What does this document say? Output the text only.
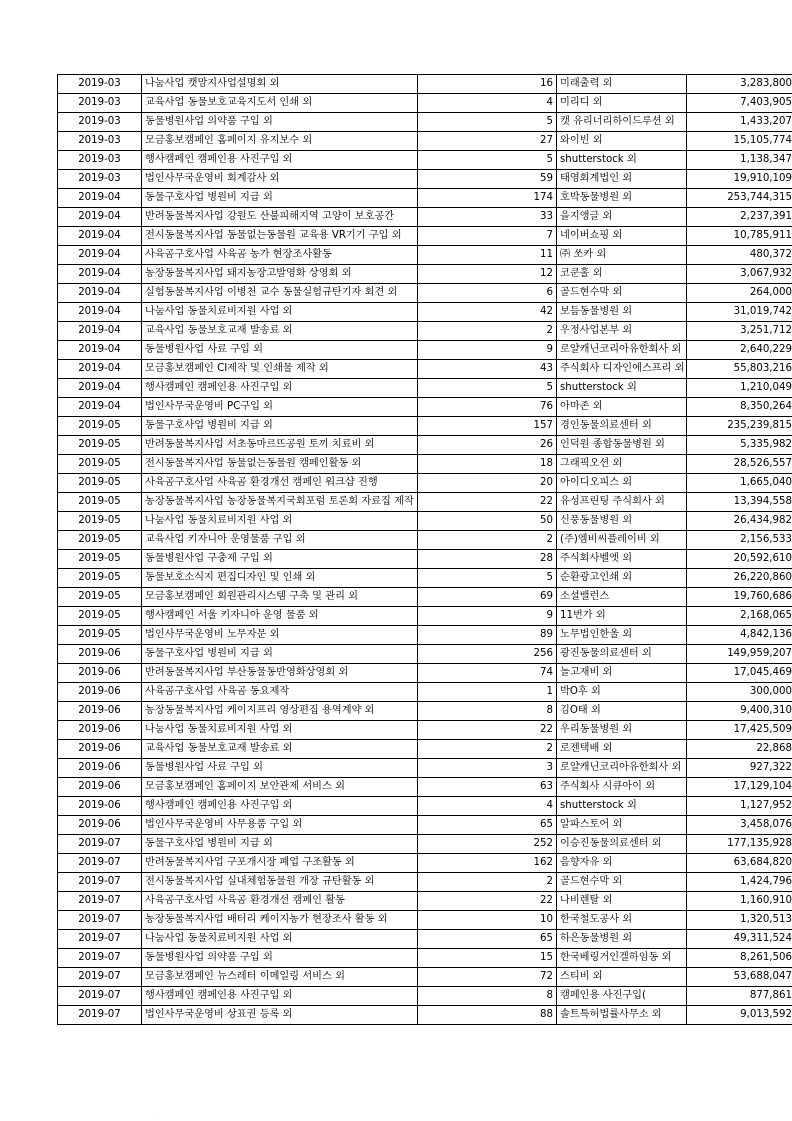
2019-03	나눔사업 캣맘지사업설명회 외	16	미래출력 외	3,283,800
2019-03	교육사업 동물보호교육지도서 인쇄 외	4	미리디 외	7,403,905
2019-03	동물병원사업 의약품 구입 외	5	캣 유리너리하이드루션 외	1,433,207
2019-03	모금홍보캠페인 홈페이지 유지보수 외	27	와이빈 외	15,105,774
2019-03	행사캠페인 캠페인용 사진구입 외	5	shutterstock 외	1,138,347
2019-03	법인사무국운영비 회계감사 외	59	태영회계법인 외	19,910,109
2019-04	동물구호사업 병원비 지급 외	174	호박동물병원 외	253,744,315
2019-04	반려동물복지사업 강원도 산불피해지역 고양이 보호공간	33	을지앵글 외	2,237,391
2019-04	전시동물복지사업 동물없는동물원 교육용 VR기기 구입 외	7	네이버쇼핑 외	10,785,911
2019-04	사육곰구호사업 사육곰 농가 현장조사활동	11	㈜ 쏘카 외	480,372
2019-04	농장동물복지사업 돼지농장고발영화 상영회 외	12	코쿤홀 외	3,067,932
2019-04	실험동물복지사업 이병천 교수 동물실험규탄기자 회견 외	6	골드현수막 외	264,000
2019-04	나눔사업 동물치료비지원 사업 외	42	보듬동물병원 외	31,019,742
2019-04	교육사업 동물보호교재 발송료 외	2	우정사업본부 외	3,251,712
2019-04	동물병원사업 사료 구입 외	9	로얄캐닌코리아유한회사 외	2,640,229
2019-04	모금홍보캠페인 CI제작 및 인쇄물 제작 외	43	주식회사 디자인에스프리 외	55,803,216
2019-04	행사캠페인 캠페인용 사진구입 외	5	shutterstock 외	1,210,049
2019-04	법인사무국운영비 PC구입 외	76	아마존 외	8,350,264
2019-05	동물구호사업 병원비 지급 외	157	경인동물의료센터 외	235,239,815
2019-05	반려동물복지사업 서초동마르뜨공원 토끼 치료비 외	26	인덕원 종합동물병원 외	5,335,982
2019-05	전시동물복지사업 동물없는동물원 캠페인활동 외	18	그래픽오션 외	28,526,557
2019-05	사육곰구호사업 사육곰 환경개선 캠페인 워크샵 진행	20	아이디오피스 외	1,665,040
2019-05	농장동물복지사업 농장동물복지국회포럼 토론회 자료집 제작	22	유성프린팅 주식회사 외	13,394,558
2019-05	나눔사업 동물치료비지원 사업 외	50	신풍동물병원 외	26,434,982
2019-05	교육사업 키자니아 운영물품 구입 외	2	(주)엠비씨플레이비 외	2,156,533
2019-05	동물병원사업 구충제 구입 외	28	주식회사벨엣 외	20,592,610
2019-05	동물보호소식지 편집디자인 및 인쇄 외	5	순환광고인쇄 외	26,220,860
2019-05	모금홍보캠페인 회원관리시스템 구축 및 관리 외	69	소셜밸런스	19,760,686
2019-05	행사캠페인 서울 키자니아 운영 물품 외	9	11번가 외	2,168,065
2019-05	법인사무국운영비 노무자문 외	89	노무법인한울 외	4,842,136
2019-06	동물구호사업 병원비 지급 외	256	광진동물의료센터 외	149,959,207
2019-06	반려동물복지사업 부산동물동반영화상영회 외	74	놀고재비 외	17,045,469
2019-06	사육곰구호사업 사육곰 동요제작	1	박O후 외	300,000
2019-06	농장동물복지사업 케이지프리 영상편집 용역계약 외	8	김O태 외	9,400,310
2019-06	나눔사업 동물치료비지원 사업 외	22	우리동물병원 외	17,425,509
2019-06	교육사업 동물보호교재 발송료 외	2	로젠택배 외	22,868
2019-06	동물병원사업 사료 구입 외	3	로얄캐닌코리아유한회사 외	927,322
2019-06	모금홍보캠페인 홈페이지 보안관제 서비스 외	63	주식회사 시큐아이 외	17,129,104
2019-06	행사캠페인 캠페인용 사진구입 외	4	shutterstock 외	1,127,952
2019-06	법인사무국운영비 사무용품 구입 외	65	알파스토어 외	3,458,076
2019-07	동물구호사업 병원비 지급 외	252	이승진동물의료센터 외	177,135,928
2019-07	반려동물복지사업 구포개시장 폐업 구조활동 외	162	음향자유 외	63,684,820
2019-07	전시동물복지사업 실내체험동물원 개장 규탄활동 외	2	골드현수막 외	1,424,796
2019-07	사육곰구호사업 사육곰 환경개선 캠페인 활동	22	나비렌탈 외	1,160,910
2019-07	농장동물복지사업 배터리 케이지농가 현장조사 활동 외	10	한국철도공사 외	1,320,513
2019-07	나눔사업 동물치료비지원 사업 외	65	하은동물병원 외	49,311,524
2019-07	동물병원사업 의약품 구입 외	15	한국베링거인겔하임동 외	8,261,506
2019-07	모금홍보캠페인 뉴스레터 이메일링 서비스 외	72	스티비 외	53,688,047
2019-07	행사캠페인 캠페인용 사진구입 외	8	캠페인용 사진구입(	877,861
2019-07	법인사무국운영비 상표권 등록 외	88	솔트특허법률사무소 외	9,013,592
.
